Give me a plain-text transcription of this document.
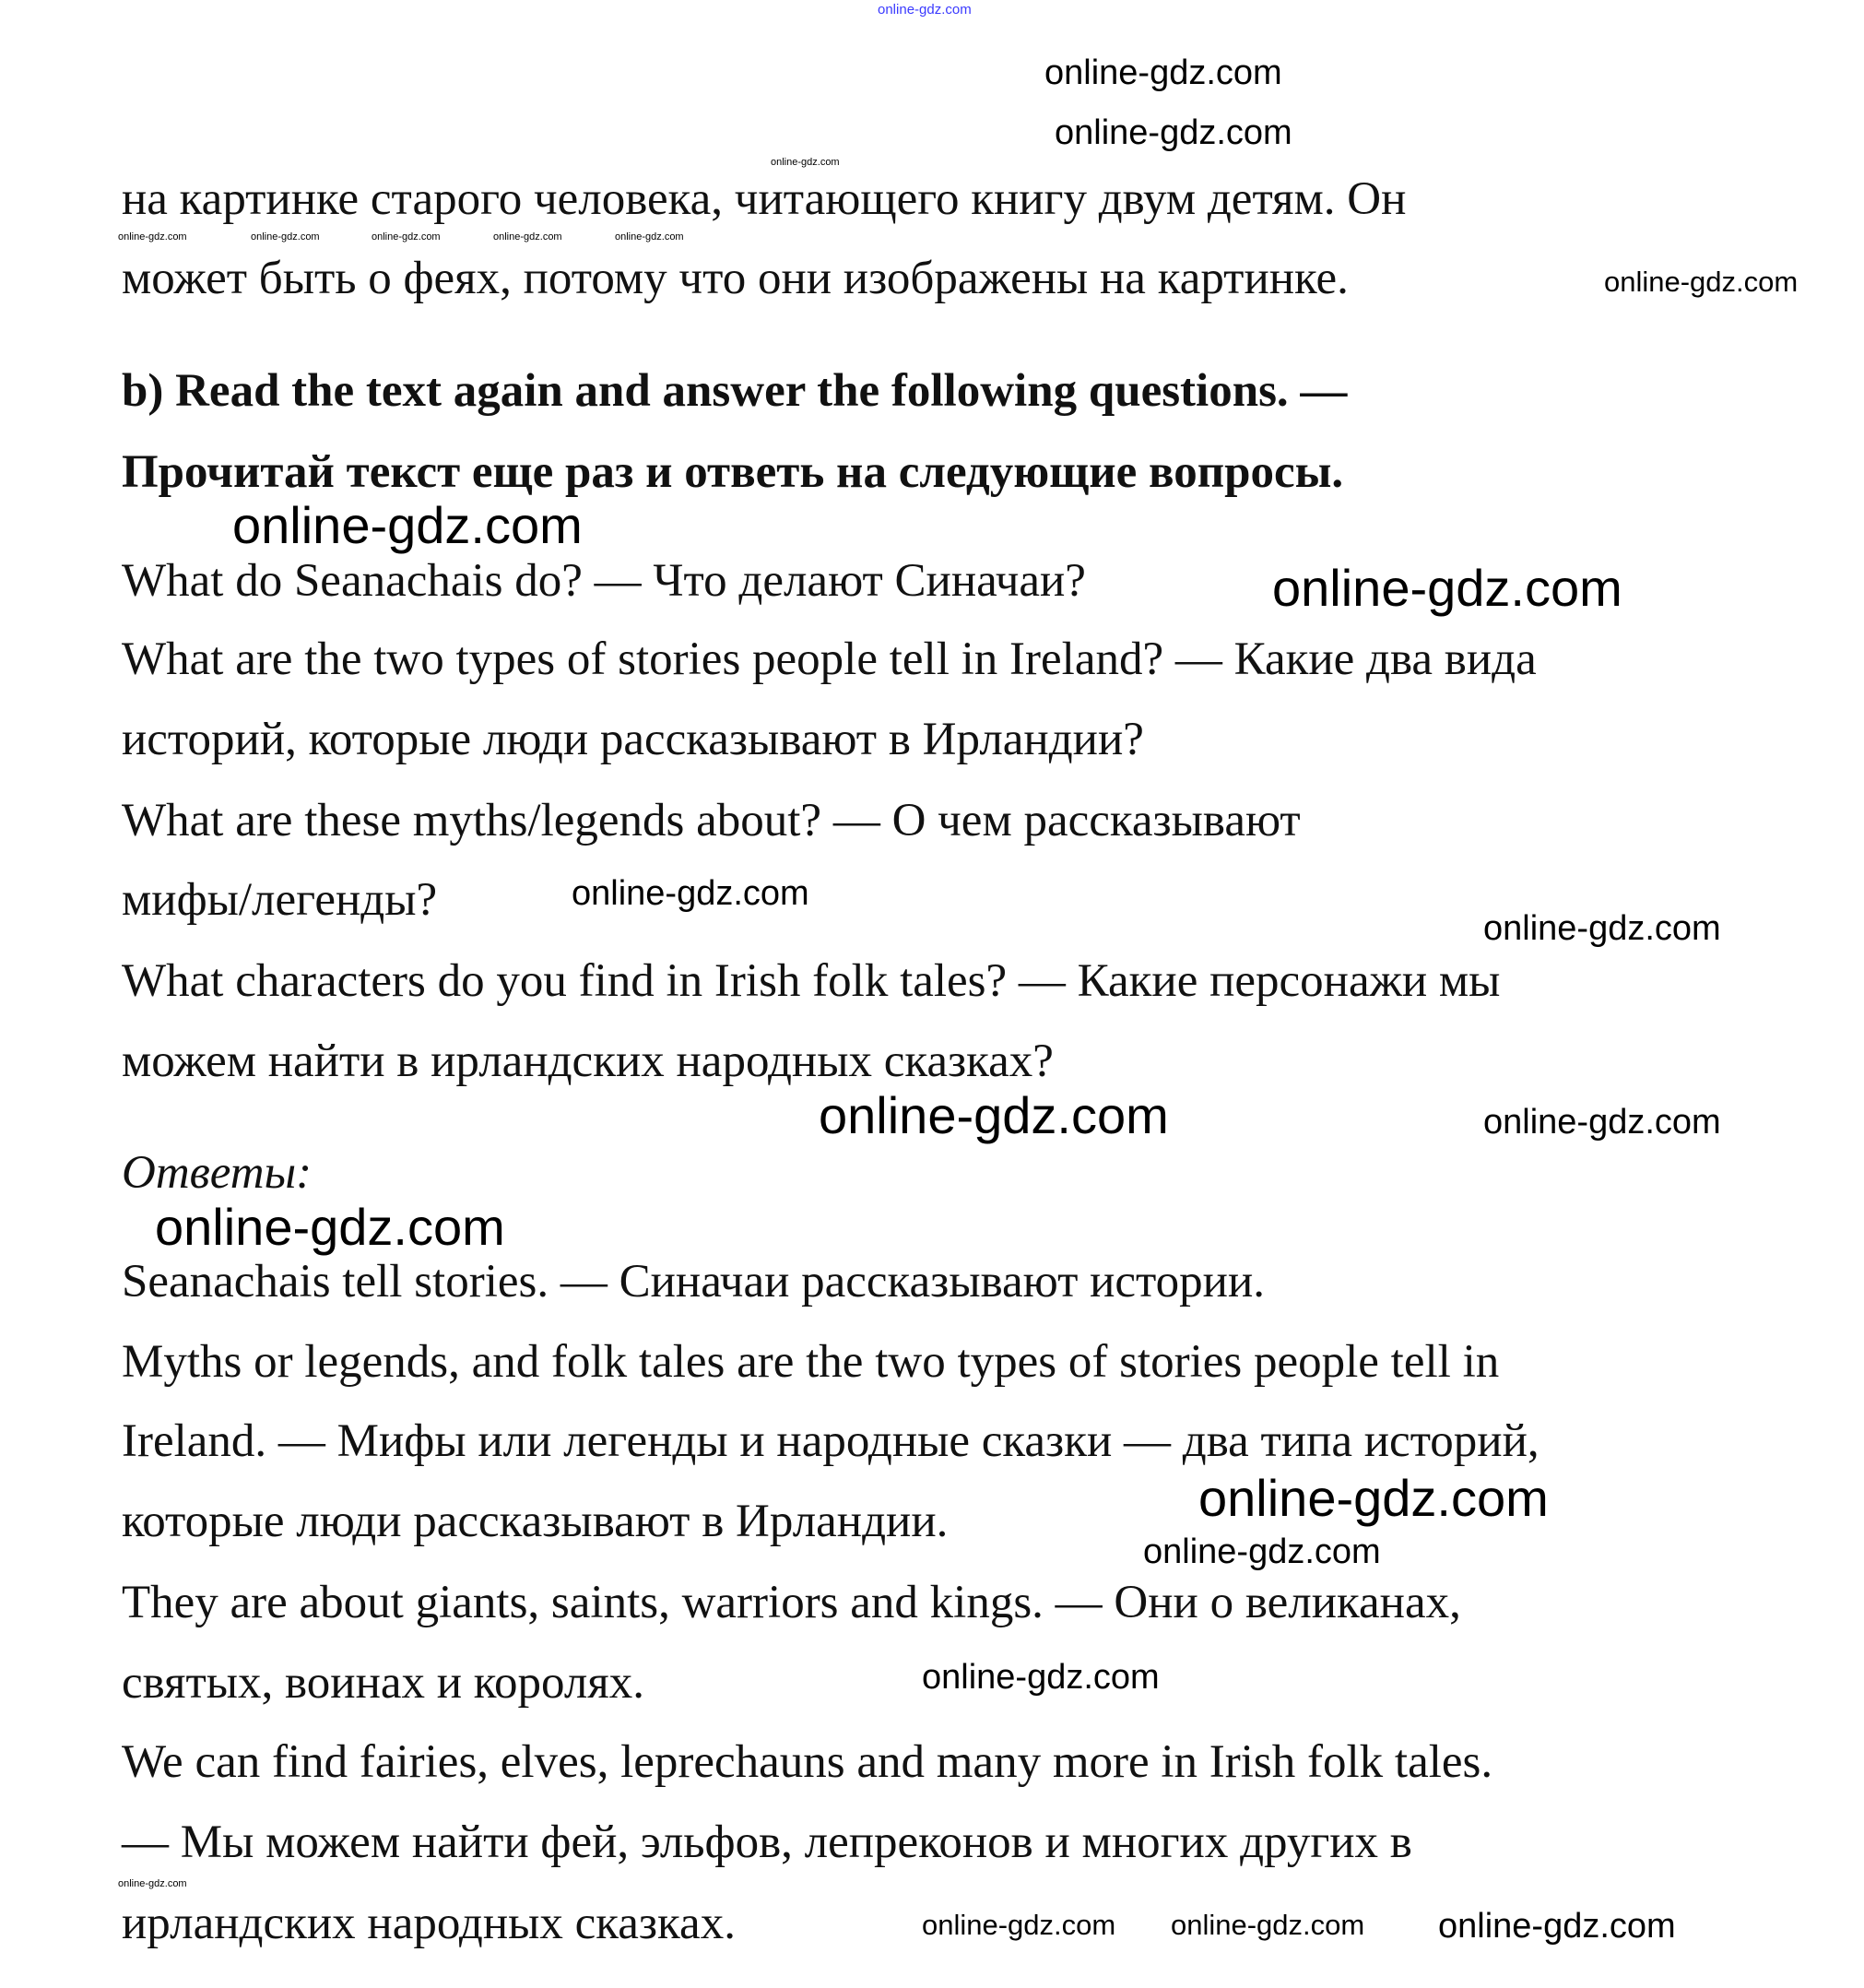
на картинке старого человека, читающего книгу двум детям. Он
может быть о феях, потому что они изображены на картинке.
b) Read the text again and answer the following questions. —
Прочитай текст еще раз и ответь на следующие вопросы.
What do Seanachais do? — Что делают Синачаи?
What are the two types of stories people tell in Ireland? — Какие два вида
историй, которые люди рассказывают в Ирландии?
What are these myths/legends about? — О чем рассказывают
мифы/легенды?
What characters do you find in Irish folk tales? — Какие персонажи мы
можем найти в ирландских народных сказках?
Ответы:
Seanachais tell stories. — Синачаи рассказывают истории.
Myths or legends, and folk tales are the two types of stories people tell in
Ireland. — Мифы или легенды и народные сказки — два типа историй,
которые люди рассказывают в Ирландии.
They are about giants, saints, warriors and kings. — Они о великанах,
святых, воинах и королях.
We can find fairies, elves, leprechauns and many more in Irish folk tales.
— Мы можем найти фей, эльфов, лепреконов и многих других в
ирландских народных сказках.
online-gdz.com
online-gdz.com
online-gdz.com
online-gdz.com
online-gdz.com	online-gdz.com	online-gdz.com	online-gdz.com	online-gdz.com
online-gdz.com
online-gdz.com
online-gdz.com
online-gdz.com
online-gdz.com
online-gdz.com	online-gdz.com
online-gdz.com
online-gdz.com
online-gdz.com
online-gdz.com
online-gdz.com online-gdz.com online-gdz.com
online-gdz.com
